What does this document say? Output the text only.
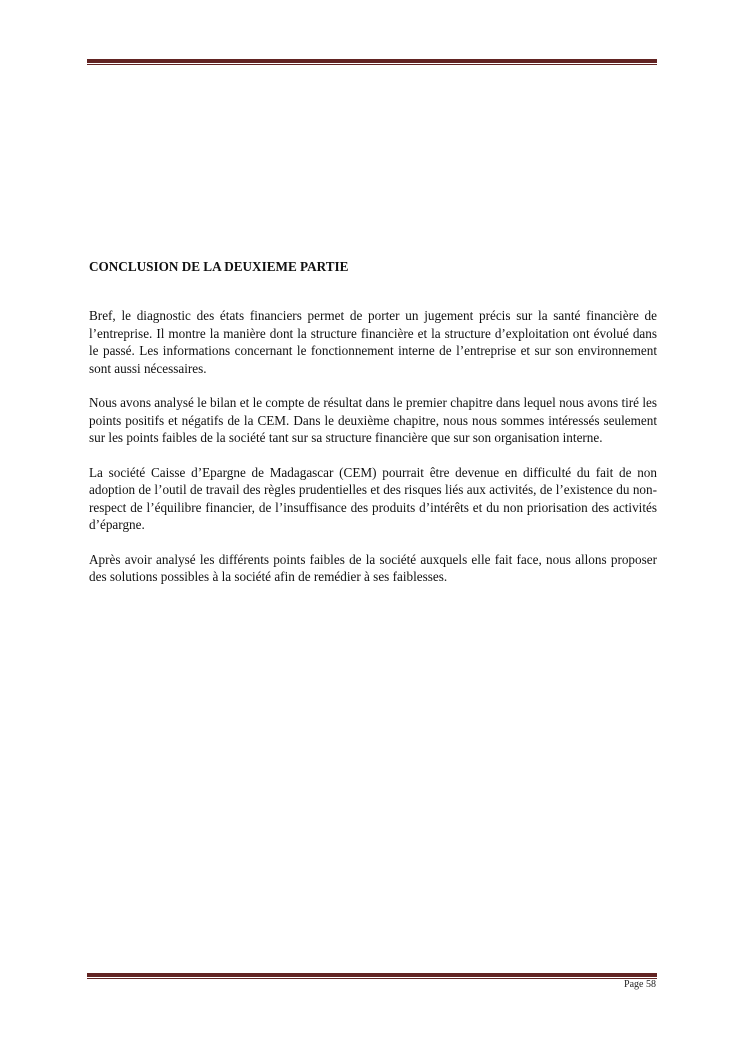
CONCLUSION DE LA DEUXIEME PARTIE

Bref, le diagnostic des états financiers permet de porter un jugement précis sur la santé financière de l’entreprise. Il montre la manière dont la structure financière et la structure d’exploitation ont évolué dans le passé. Les informations concernant le fonctionnement interne de l’entreprise et sur son environnement sont aussi nécessaires.

Nous avons analysé le bilan et le compte de résultat dans le premier chapitre dans lequel nous avons tiré les points positifs et négatifs de la CEM. Dans le deuxième chapitre, nous nous sommes intéressés seulement sur les points faibles de la société tant sur sa structure financière que sur son organisation interne.

La société Caisse d’Epargne de Madagascar (CEM) pourrait être devenue en difficulté du fait de non adoption de l’outil de travail des règles prudentielles et des risques liés aux activités, de l’existence du non-respect de l’équilibre financier, de l’insuffisance des produits d’intérêts et du non priorisation des activités d’épargne.

Après avoir analysé les différents points faibles de la société auxquels elle fait face, nous allons proposer des solutions possibles à la société afin de remédier à ses faiblesses.

Page 58
